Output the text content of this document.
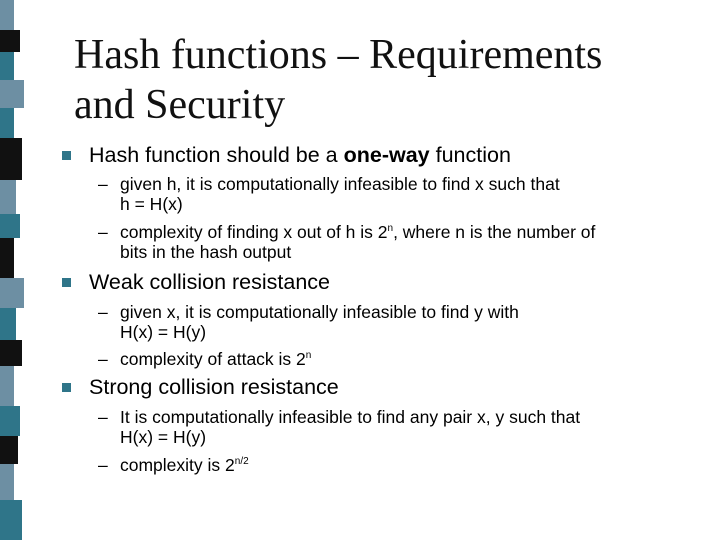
Hash functions – Requirements
and Security
Hash function should be a one-way function
– given h, it is computationally infeasible to find x such that
h = H(x)
– complexity of finding x out of h is 2$^n$, where n is the number of
bits in the hash output
Weak collision resistance
– given x, it is computationally infeasible to find y with
H(x) = H(y)
– complexity of attack is 2$^n$
Strong collision resistance
– It is computationally infeasible to find any pair x, y such that
H(x) = H(y)
– complexity is $2^{n/2}$
